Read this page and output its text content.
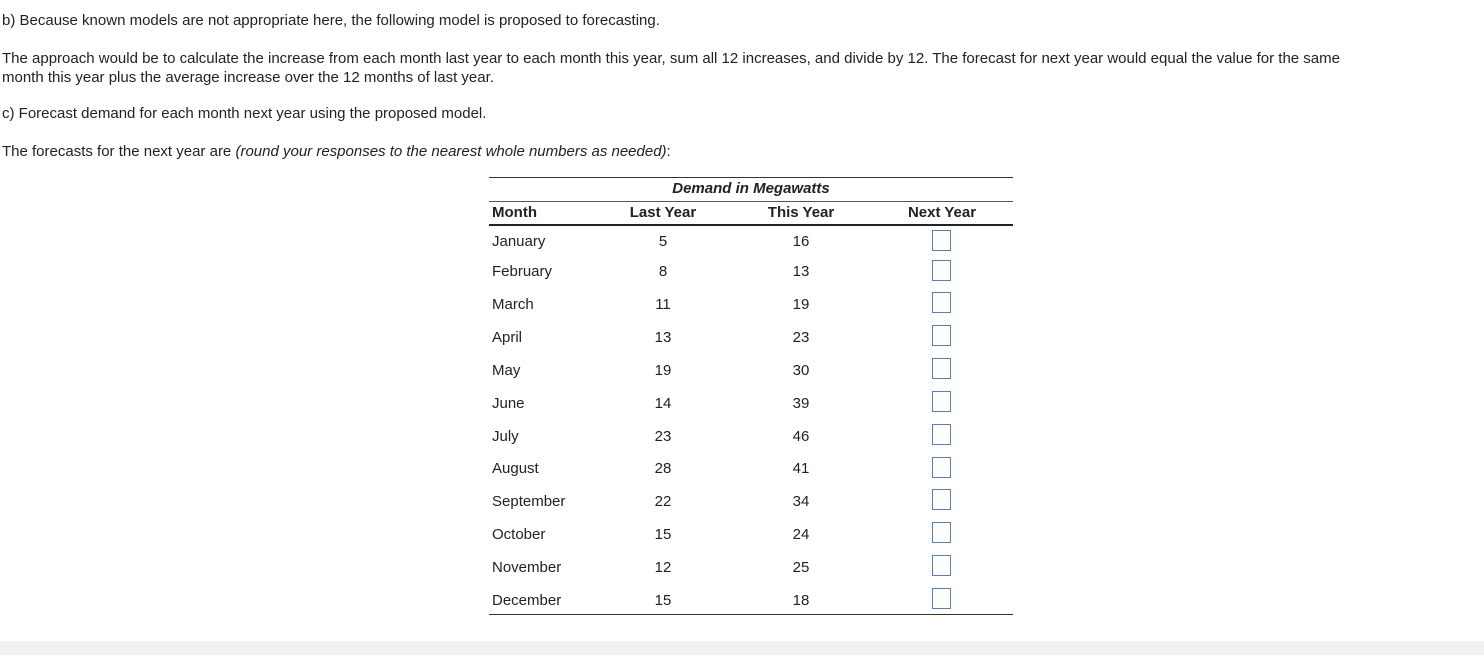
b) Because known models are not appropriate here, the following model is proposed to forecasting.

The approach would be to calculate the increase from each month last year to each month this year, sum all 12 increases, and divide by 12. The forecast for next year would equal the value for the same
month this year plus the average increase over the 12 months of last year.

c) Forecast demand for each month next year using the proposed model.

The forecasts for the next year are (round your responses to the nearest whole numbers as needed):

Demand in Megawatts
Month	Last Year	This Year	Next Year
January	5	16
February	8	13
March	11	19
April	13	23
May	19	30
June	14	39
July	23	46
August	28	41
September	22	34
October	15	24
November	12	25
December	15	18
